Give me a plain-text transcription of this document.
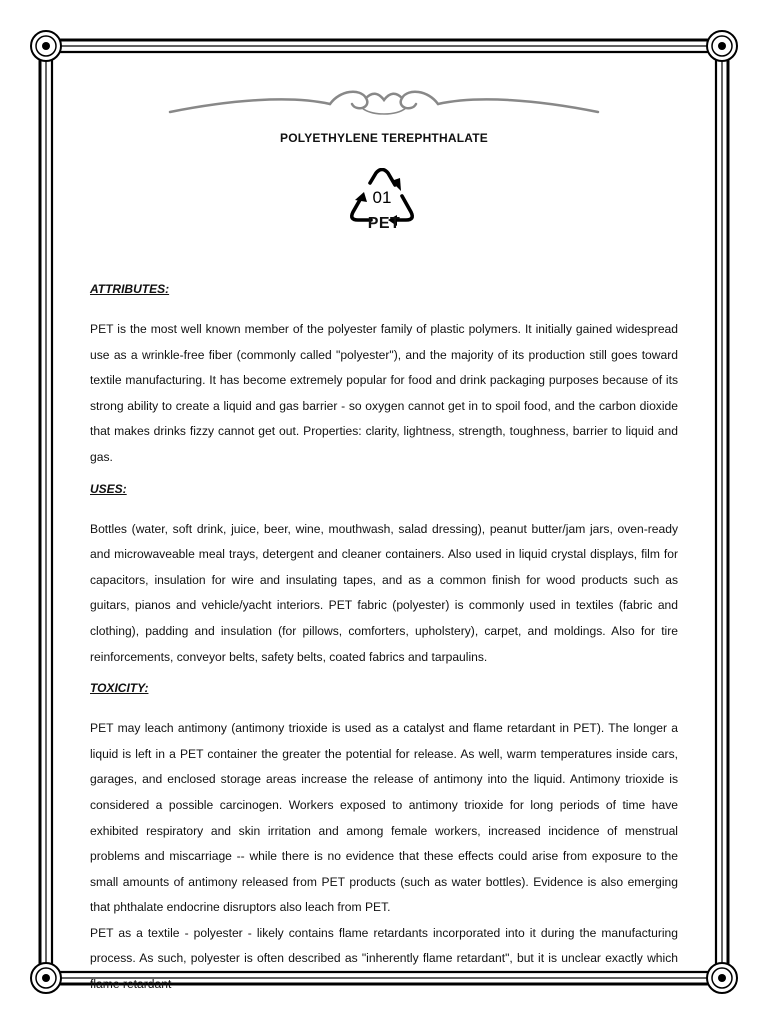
POLYETHYLENE TEREPHTHALATE
01
PET
ATTRIBUTES:

PET is the most well known member of the polyester family of plastic polymers. It initially gained widespread use as a wrinkle-free fiber (commonly called "polyester"), and the majority of its production still goes toward textile manufacturing. It has become extremely popular for food and drink packaging purposes because of its strong ability to create a liquid and gas barrier - so oxygen cannot get in to spoil food, and the carbon dioxide that makes drinks fizzy cannot get out. Properties: clarity, lightness, strength, toughness, barrier to liquid and gas.

USES:

Bottles (water, soft drink, juice, beer, wine, mouthwash, salad dressing), peanut butter/jam jars, oven-ready and microwaveable meal trays, detergent and cleaner containers. Also used in liquid crystal displays, film for capacitors, insulation for wire and insulating tapes, and as a common finish for wood products such as guitars, pianos and vehicle/yacht interiors. PET fabric (polyester) is commonly used in textiles (fabric and clothing), padding and insulation (for pillows, comforters, upholstery), carpet, and moldings. Also for tire reinforcements, conveyor belts, safety belts, coated fabrics and tarpaulins.

TOXICITY:

PET may leach antimony (antimony trioxide is used as a catalyst and flame retardant in PET). The longer a liquid is left in a PET container the greater the potential for release. As well, warm temperatures inside cars, garages, and enclosed storage areas increase the release of antimony into the liquid. Antimony trioxide is considered a possible carcinogen. Workers exposed to antimony trioxide for long periods of time have exhibited respiratory and skin irritation and among female workers, increased incidence of menstrual problems and miscarriage -- while there is no evidence that these effects could arise from exposure to the small amounts of antimony released from PET products (such as water bottles). Evidence is also emerging that phthalate endocrine disruptors also leach from PET.

PET as a textile - polyester - likely contains flame retardants incorporated into it during the manufacturing process. As such, polyester is often described as "inherently flame retardant", but it is unclear exactly which flame retardant
